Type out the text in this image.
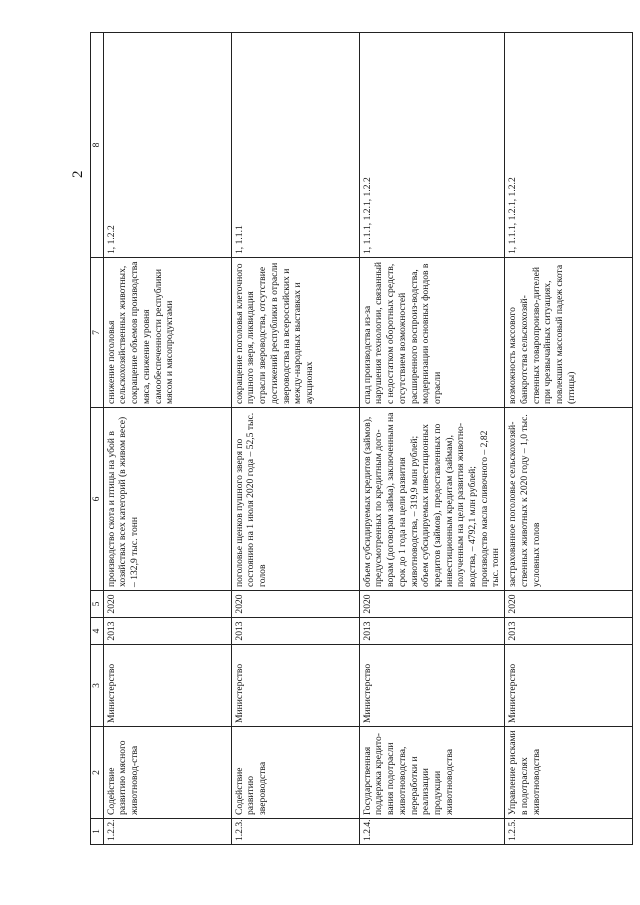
2
1	2	3	4	5	6	7	8
1.2.2.	Содействие развитию мясного животновод-ства	Министерство	2013	2020	производство скота и птицы на убой в хозяйствах всех категорий (в живом весе) – 132,9 тыс. тонн	снижение поголовья сельскохозяйственных животных, сокращение объемов производства мяса, снижение уровня самообеспеченности республики мясом и мясопродуктами	1, 1.2.2
1.2.3.	Содействие развитию звероводства	Министерство	2013	2020	поголовье щенков пушного зверя по состоянию на 1 июля 2020 года – 52,5 тыс. голов	сокращение поголовья клеточного пушного зверя, ликвидация отрасли звероводства, отсутствие достижений республики в отрасли звероводства на всероссийских и между-народных выставках и аукционах	1, 1.1.1
1.2.4.	Государственная поддержка кредито-вания подотрасли животноводства, переработки и реализации продукции животноводства	Министерство	2013	2020	объем субсидируемых кредитов (займов), предусмотренных по кредитным дого-ворам (договорам займа), заключенным на срок до 1 года на цели развития животноводства, – 319,9 млн рублей; объем субсидируемых инвестиционных кредитов (займов), предоставленных по инвестиционным кредитам (займам), полученным на цели развития животно-водства, – 4792,1 млн рублей; производство масла сливочного – 2,82 тыс. тонн	спад производства из-за нарушения технологии, связанный с недостатком оборотных средств, отсутствием возможностей расширенного воспроиз-водства, модернизации основных фондов в отрасли	1, 1.1.1, 1.2.1, 1.2.2
1.2.5.	Управление рисками в подотраслях животноводства	Министерство	2013	2020	застрахованное поголовье сельскохозяй-ственных животных к 2020 году – 1,0 тыс. условных голов	возможность массового банкротства сельскохозяй-ственных товаропроизво-дителей при чрезвычайных ситуациях, повлекших массовый падеж скота (птицы)	1, 1.1.1, 1.2.1, 1.2.2
